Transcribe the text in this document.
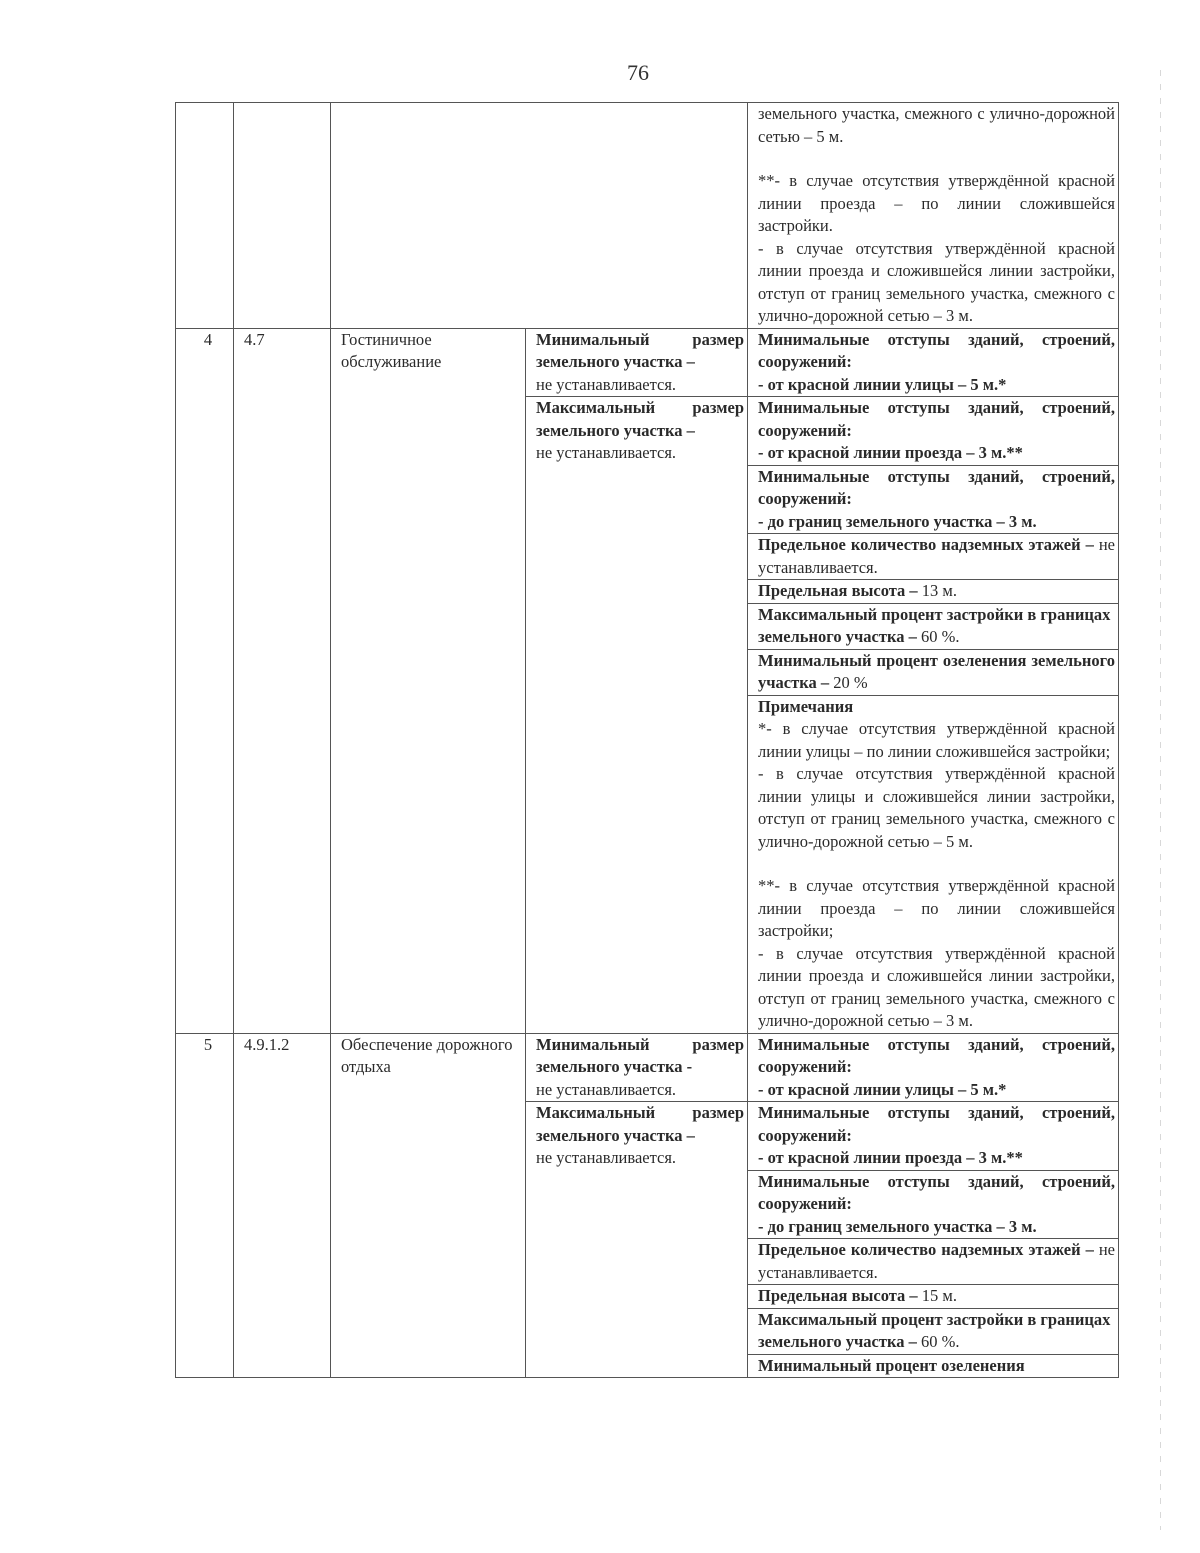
76

				земельного участка, смежного с улично-дорожной сетью – 5 м.
**- в случае отсутствия утверждённой красной линии проезда – по линии сложившейся застройки.
- в случае отсутствия утверждённой красной линии проезда и сложившейся линии застройки, отступ от границ земельного участка, смежного с улично-дорожной сетью – 3 м.

4	4.7	Гостиничное обслуживание	Минимальный размер земельного участка –
не устанавливается.	Минимальные отступы зданий, строений, сооружений:
- от красной линии улицы – 5 м.*
			Максимальный размер земельного участка –
не устанавливается.	Минимальные отступы зданий, строений, сооружений:
- от красной линии проезда – 3 м.**
				Минимальные отступы зданий, строений, сооружений:
- до границ земельного участка – 3 м.
				Предельное количество надземных этажей – не устанавливается.
				Предельная высота – 13 м.
				Максимальный процент застройки в границах земельного участка – 60 %.
				Минимальный процент озеленения земельного участка – 20 %

				Примечания
*- в случае отсутствия утверждённой красной линии улицы – по линии сложившейся застройки;
- в случае отсутствия утверждённой красной линии улицы и сложившейся линии застройки, отступ от границ земельного участка, смежного с улично-дорожной сетью – 5 м.
**- в случае отсутствия утверждённой красной линии проезда – по линии сложившейся застройки;
- в случае отсутствия утверждённой красной линии проезда и сложившейся линии застройки, отступ от границ земельного участка, смежного с улично-дорожной сетью – 3 м.

5	4.9.1.2	Обеспечение дорожного отдыха	Минимальный размер земельного участка -
не устанавливается.	Минимальные отступы зданий, строений, сооружений:
- от красной линии улицы – 5 м.*
			Максимальный размер земельного участка –
не устанавливается.	Минимальные отступы зданий, строений, сооружений:
- от красной линии проезда – 3 м.**
				Минимальные отступы зданий, строений, сооружений:
- до границ земельного участка – 3 м.
				Предельное количество надземных этажей – не устанавливается.
				Предельная высота – 15 м.
				Максимальный процент застройки в границах земельного участка – 60 %.
				Минимальный процент озеленения
